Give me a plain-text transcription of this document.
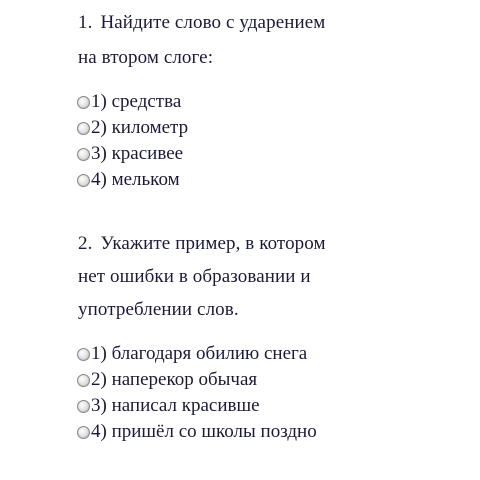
1. Найдите слово с ударением
на втором слоге:
1) средства
2) километр
3) красивее
4) мельком
2. Укажите пример, в котором
нет ошибки в образовании и
употреблении слов.
1) благодаря обилию снега
2) наперекор обычая
3) написал красивше
4) пришёл со школы поздно
